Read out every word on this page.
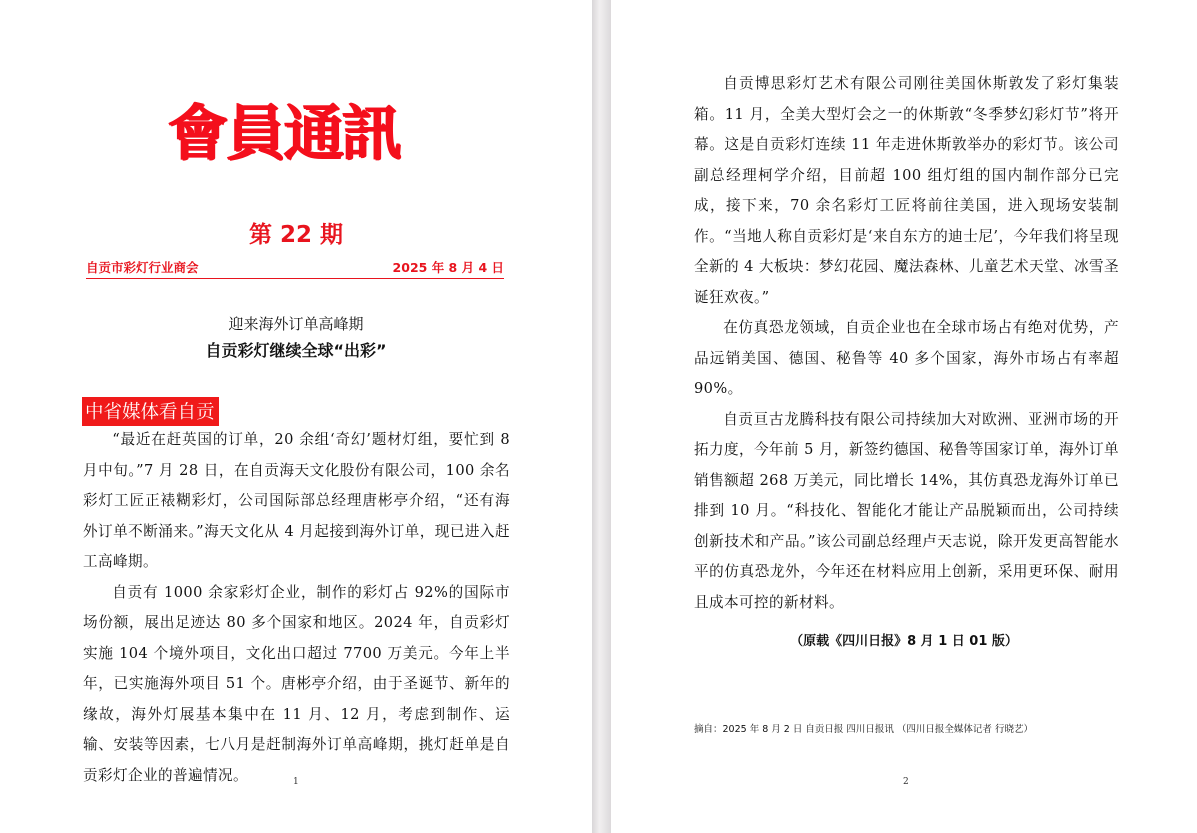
會員通訊
第 22 期
自贡市彩灯行业商会	2025 年 8 月 4 日
迎来海外订单高峰期
自贡彩灯继续全球“出彩”
中省媒体看自贡

“最近在赶英国的订单，20 余组‘奇幻’题材灯组，要忙到 8 月中旬。”7 月 28 日，在自贡海天文化股份有限公司，100 余名彩灯工匠正裱糊彩灯，公司国际部总经理唐彬亭介绍，“还有海外订单不断涌来。”海天文化从 4 月起接到海外订单，现已进入赶工高峰期。

自贡有 1000 余家彩灯企业，制作的彩灯占 92%的国际市场份额，展出足迹达 80 多个国家和地区。2024 年，自贡彩灯实施 104 个境外项目，文化出口超过 7700 万美元。今年上半年，已实施海外项目 51 个。唐彬亭介绍，由于圣诞节、新年的缘故，海外灯展基本集中在 11 月、12 月，考虑到制作、运输、安装等因素，七八月是赶制海外订单高峰期，挑灯赶单是自贡彩灯企业的普遍情况。

自贡博思彩灯艺术有限公司刚往美国休斯敦发了彩灯集装箱。11 月，全美大型灯会之一的休斯敦“冬季梦幻彩灯节”将开幕。这是自贡彩灯连续 11 年走进休斯敦举办的彩灯节。该公司副总经理柯学介绍，目前超 100 组灯组的国内制作部分已完成，接下来，70 余名彩灯工匠将前往美国，进入现场安装制作。“当地人称自贡彩灯是‘来自东方的迪士尼’，今年我们将呈现全新的 4 大板块：梦幻花园、魔法森林、儿童艺术天堂、冰雪圣诞狂欢夜。”

在仿真恐龙领域，自贡企业也在全球市场占有绝对优势，产品远销美国、德国、秘鲁等 40 多个国家，海外市场占有率超 90%。

自贡亘古龙腾科技有限公司持续加大对欧洲、亚洲市场的开拓力度，今年前 5 月，新签约德国、秘鲁等国家订单，海外订单销售额超 268 万美元，同比增长 14%，其仿真恐龙海外订单已排到 10 月。“科技化、智能化才能让产品脱颖而出，公司持续创新技术和产品。”该公司副总经理卢天志说，除开发更高智能水平的仿真恐龙外，今年还在材料应用上创新，采用更环保、耐用且成本可控的新材料。

（原载《四川日报》8 月 1 日 01 版）
摘自：2025 年 8 月 2 日 自贡日报 四川日报讯 （四川日报全媒体记者 行晓艺）
1	2
